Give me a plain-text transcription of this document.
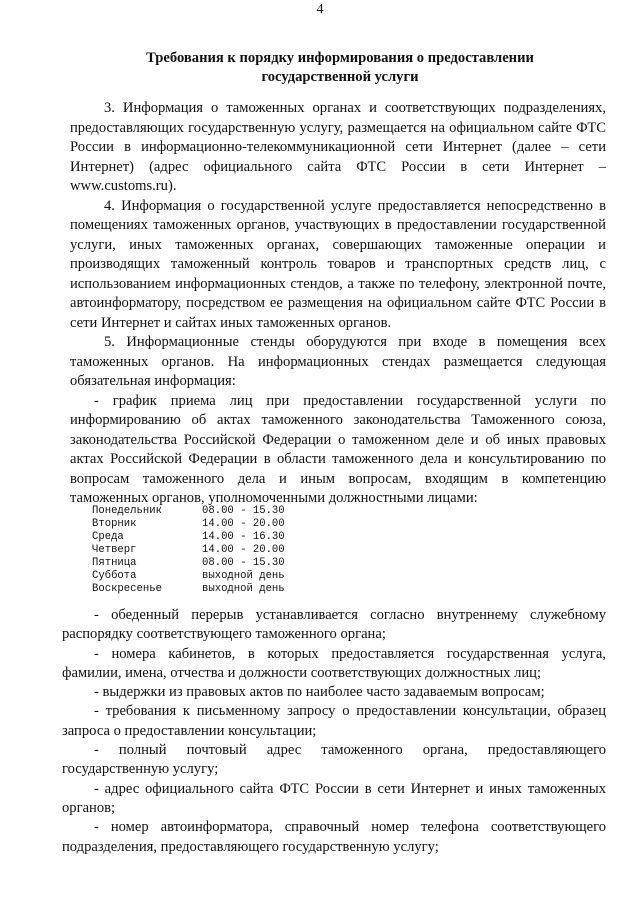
4
Требования к порядку информирования о предоставлении
государственной услуги

3. Информация о таможенных органах и соответствующих подразделениях, предоставляющих государственную услугу, размещается на официальном сайте ФТС России в информационно-телекоммуникационной сети Интернет (далее – сети Интернет) (адрес официального сайта ФТС России в сети Интернет – www.customs.ru).

4. Информация о государственной услуге предоставляется непосредственно в помещениях таможенных органов, участвующих в предоставлении государственной услуги, иных таможенных органах, совершающих таможенные операции и производящих таможенный контроль товаров и транспортных средств лиц, с использованием информационных стендов, а также по телефону, электронной почте, автоинформатору, посредством ее размещения на официальном сайте ФТС России в сети Интернет и сайтах иных таможенных органов.

5. Информационные стенды оборудуются при входе в помещения всех таможенных органов. На информационных стендах размещается следующая обязательная информация:

- график приема лиц при предоставлении государственной услуги по информированию об актах таможенного законодательства Таможенного союза, законодательства Российской Федерации о таможенном деле и об иных правовых актах Российской Федерации в области таможенного дела и консультированию по вопросам таможенного дела и иным вопросам, входящим в компетенцию таможенных органов, уполномоченными должностными лицами:

Понедельник	08.00 - 15.30
Вторник	14.00 - 20.00
Среда	14.00 - 16.30
Четверг	14.00 - 20.00
Пятница	08.00 - 15.30
Суббота	выходной день
Воскресенье	выходной день

- обеденный перерыв устанавливается согласно внутреннему служебному распорядку соответствующего таможенного органа;

- номера кабинетов, в которых предоставляется государственная услуга, фамилии, имена, отчества и должности соответствующих должностных лиц;

- выдержки из правовых актов по наиболее часто задаваемым вопросам;

- требования к письменному запросу о предоставлении консультации, образец запроса о предоставлении консультации;

- полный почтовый адрес таможенного органа, предоставляющего государственную услугу;

- адрес официального сайта ФТС России в сети Интернет и иных таможенных органов;

- номер автоинформатора, справочный номер телефона соответствующего подразделения, предоставляющего государственную услугу;
